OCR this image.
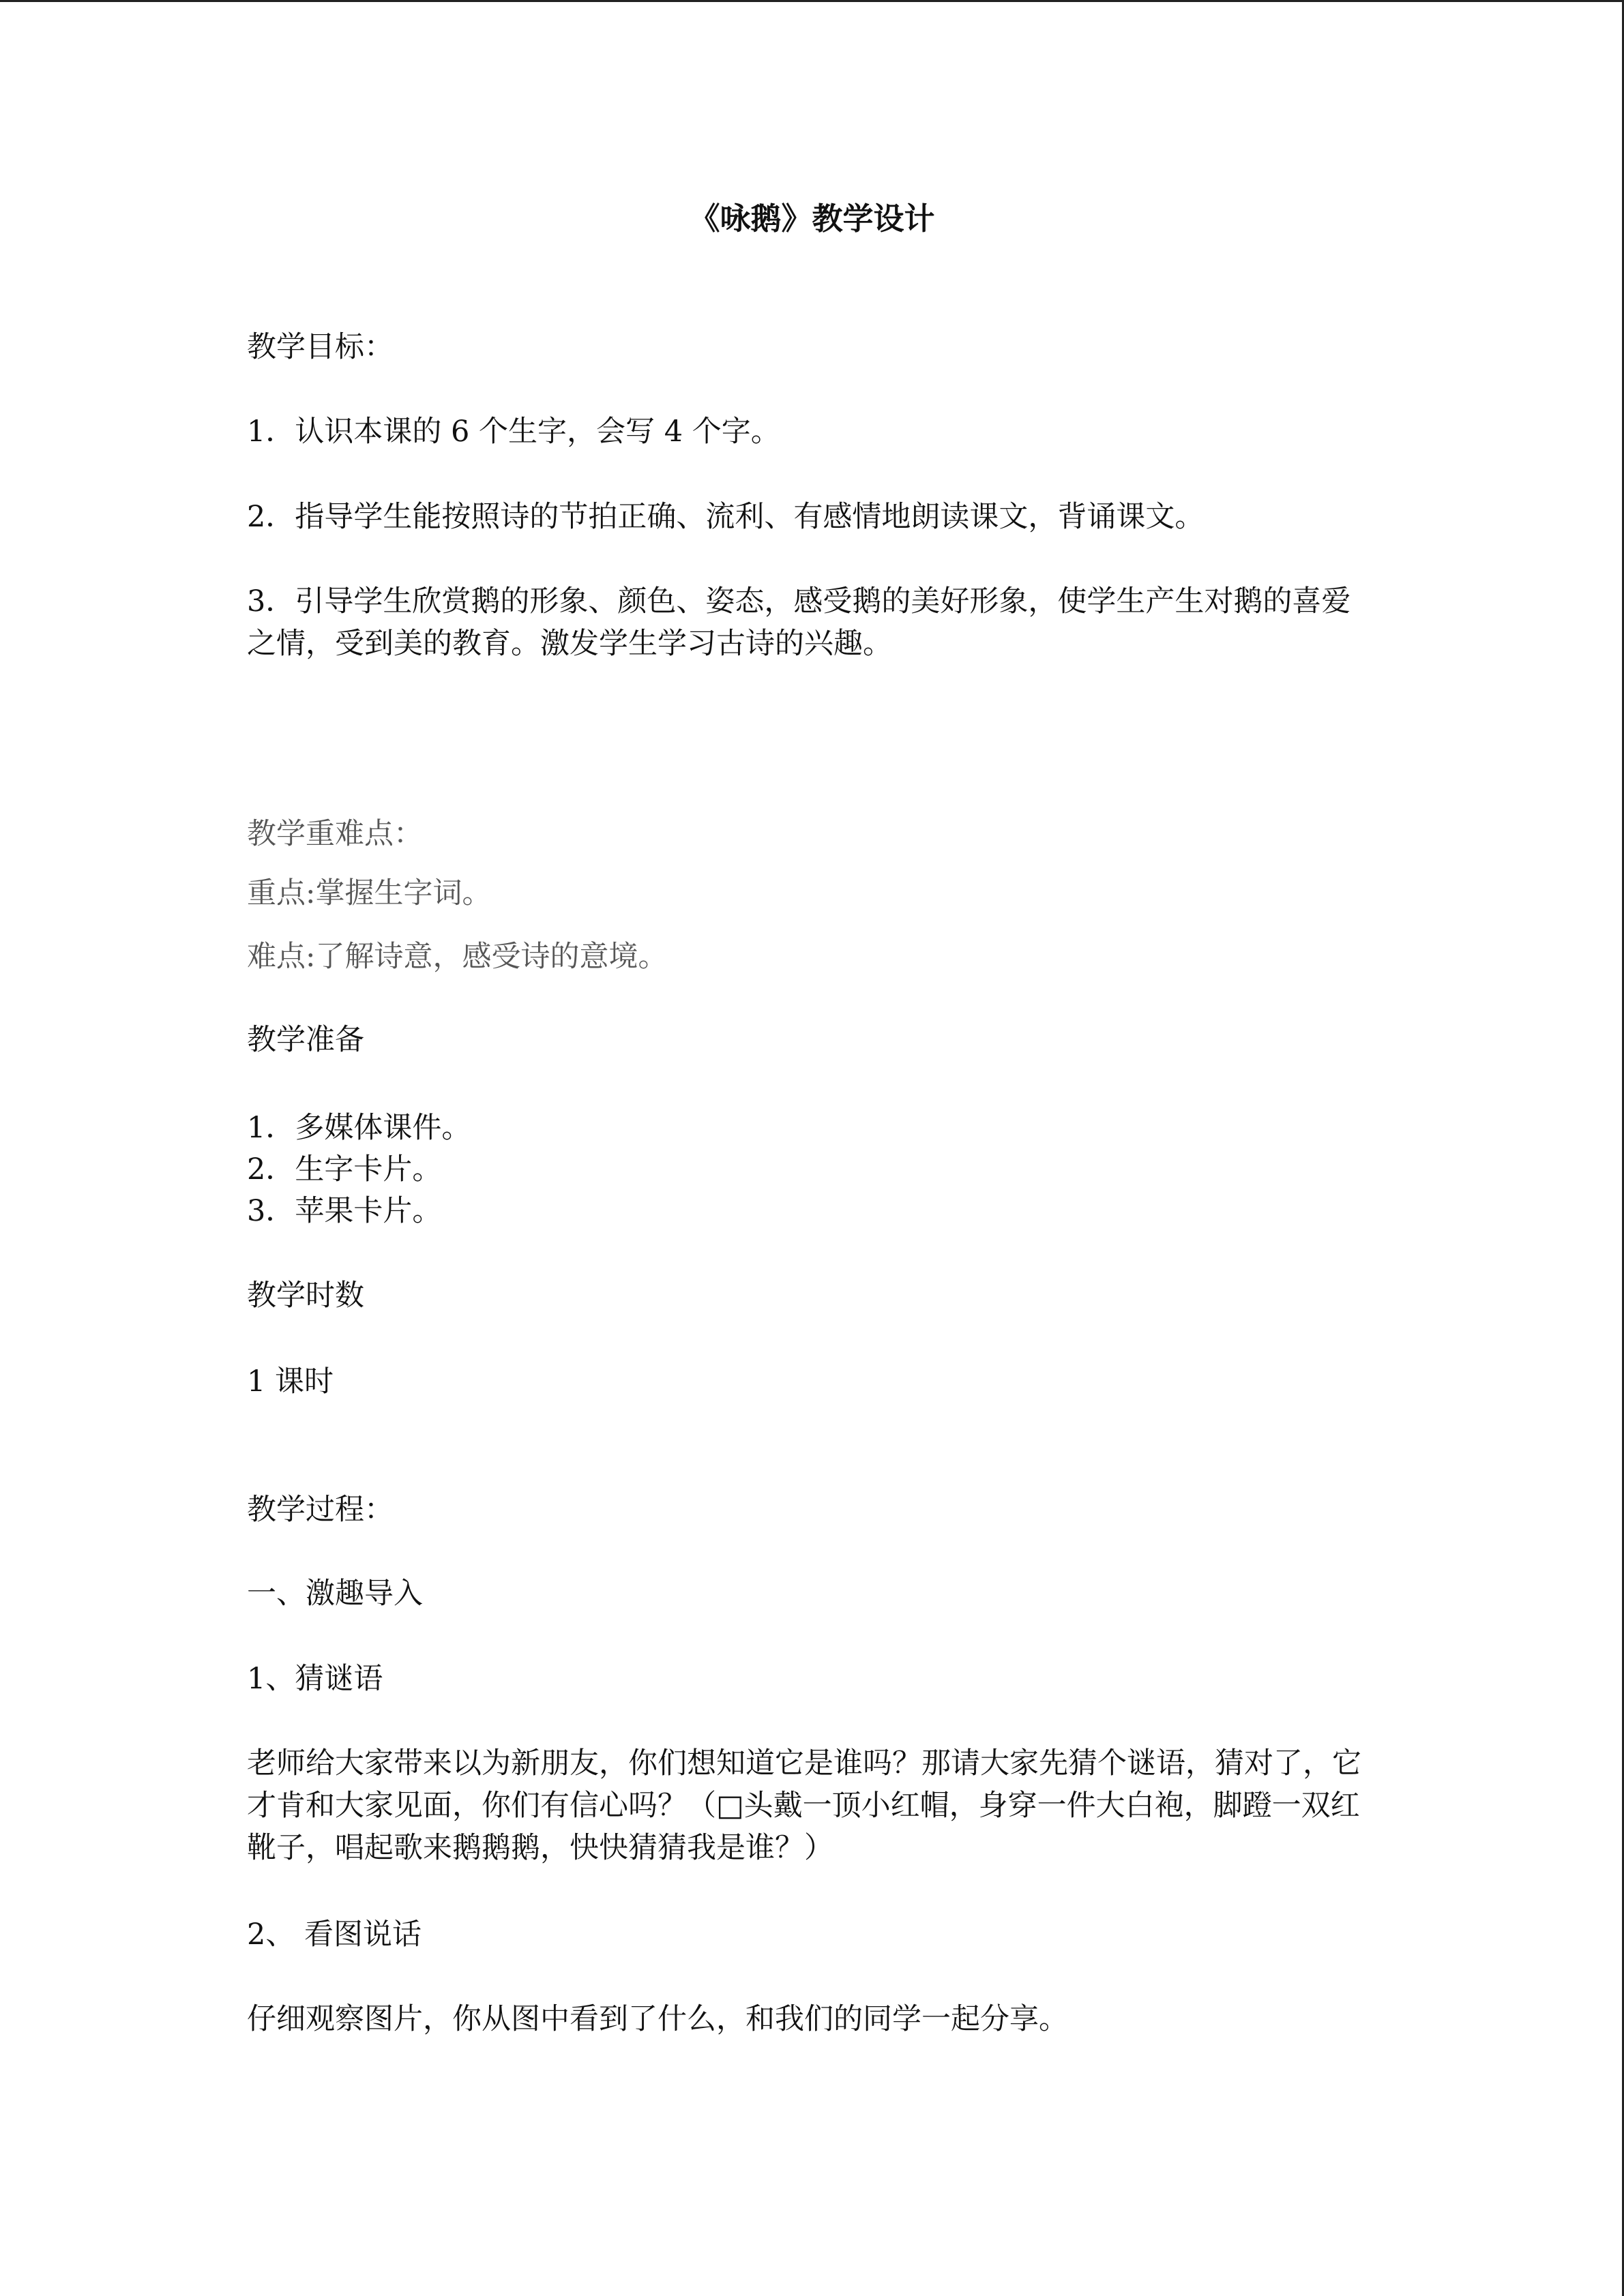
《咏鹅》教学设计

教学目标：

1．认识本课的 6 个生字，会写 4 个字。

2．指导学生能按照诗的节拍正确、流利、有感情地朗读课文，背诵课文。

3．引导学生欣赏鹅的形象、颜色、姿态，感受鹅的美好形象，使学生产生对鹅的喜爱之情，受到美的教育。激发学生学习古诗的兴趣。

教学重难点：

重点:掌握生字词。

难点:了解诗意，感受诗的意境。

教学准备

1．多媒体课件。

2．生字卡片。

3．苹果卡片。

教学时数

1 课时

教学过程：

一、激趣导入

1、猜谜语

老师给大家带来以为新朋友，你们想知道它是谁吗？那请大家先猜个谜语，猜对了，它才肯和大家见面，你们有信心吗？（□头戴一顶小红帽，身穿一件大白袍，脚蹬一双红靴子，唱起歌来鹅鹅鹅，快快猜猜我是谁？）

2、 看图说话

仔细观察图片，你从图中看到了什么，和我们的同学一起分享。
